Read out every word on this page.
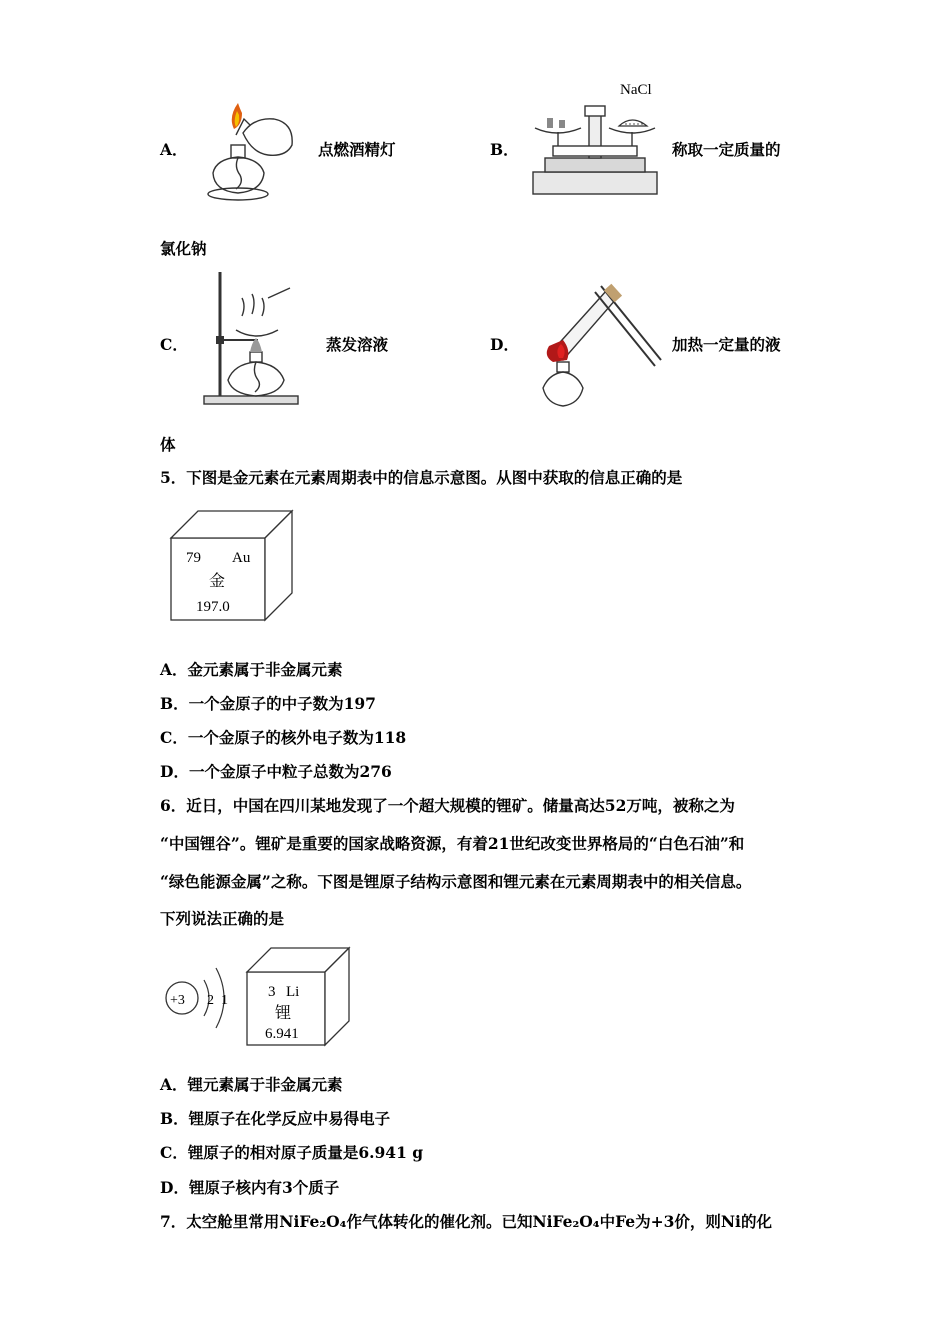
A．	点燃酒精灯	B．
NaCl
称取一定质量的
氯化钠
C．	蒸发溶液	D．	加热一定量的液
体
5．下图是金元素在元素周期表中的信息示意图。从图中获取的信息正确的是
79 Au
金
197.0
A．金元素属于非金属元素
B．一个金原子的中子数为197
C．一个金原子的核外电子数为118
D．一个金原子中粒子总数为276
6．近日，中国在四川某地发现了一个超大规模的锂矿。储量高达52万吨，被称之为
“中国锂谷”。锂矿是重要的国家战略资源，有着21世纪改变世界格局的“白色石油”和
“绿色能源金属”之称。下图是锂原子结构示意图和锂元素在元素周期表中的相关信息。
下列说法正确的是
+3 2 1
3 Li
锂
6.941
A．锂元素属于非金属元素
B．锂原子在化学反应中易得电子
C．锂原子的相对原子质量是6.941 g
D．锂原子核内有3个质子
7．太空舱里常用NiFe₂O₄作气体转化的催化剂。已知NiFe₂O₄中Fe为+3价，则Ni的化
